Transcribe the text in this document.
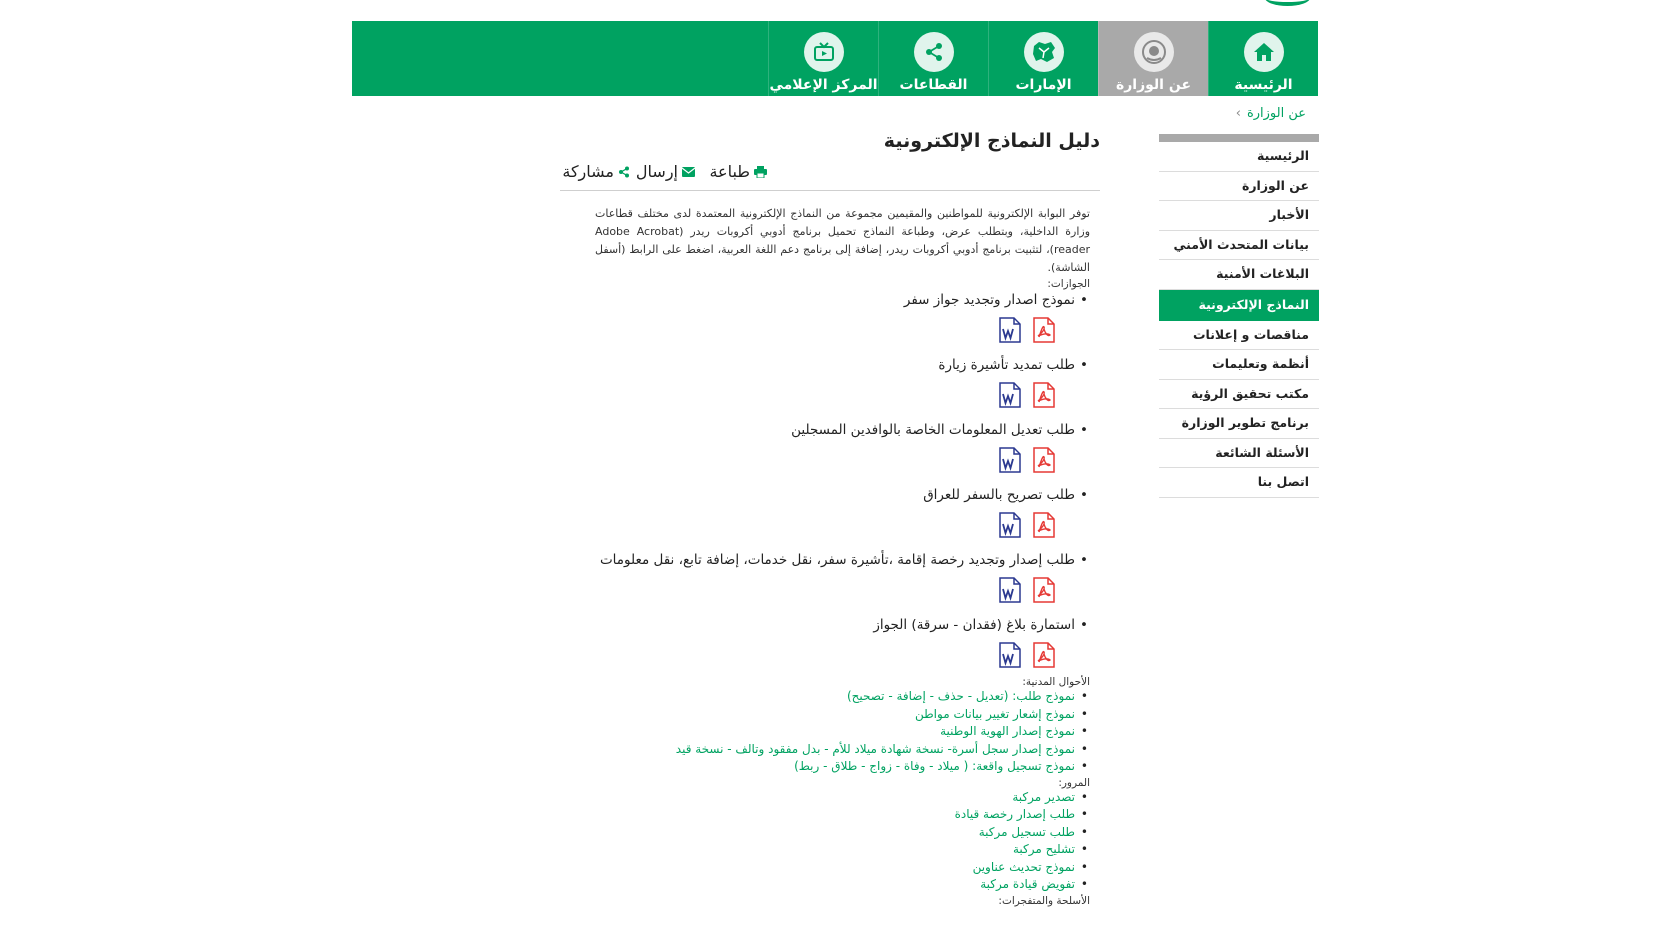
الرئيسية
عن الوزارة
الإمارات
القطاعات
المركز الإعلامي
عن الوزارة
›
الرئيسية
عن الوزارة
الأخبار
بيانات المتحدث الأمني
البلاغات الأمنية
النماذج الإلكترونية
مناقصات و إعلانات
أنظمة وتعليمات
مكتب تحقيق الرؤية
برنامج تطوير الوزارة
الأسئلة الشائعة
اتصل بنا
دليل النماذج الإلكترونية
طباعة
إرسال
مشاركة
توفر البوابة الإلكترونية للمواطنين والمقيمين مجموعة من النماذج الإلكترونية المعتمدة لدى مختلف قطاعات وزارة الداخلية، وبتطلب عرض، وطباعة النماذج تحميل برنامج أدوبي أكروبات ريدر (Adobe Acrobat reader)، لتثبيت برنامج أدوبي أكروبات ريدر، إضافة إلى برنامج دعم اللغة العربية، اضغط على الرابط (أسفل الشاشة).
الجوازات:
• نموذج اصدار وتجديد جواز سفر
• طلب تمديد تأشيرة زيارة
• طلب تعديل المعلومات الخاصة بالوافدين المسجلين
• طلب تصريح بالسفر للعراق
• طلب إصدار وتجديد رخصة إقامة ،تأشيرة سفر، نقل خدمات، إضافة تابع، نقل معلومات
• استمارة بلاغ (فقدان - سرقة) الجواز
الأحوال المدنية:
• نموذج طلب: (تعديل - حذف - إضافة - تصحيح)
• نموذج إشعار تغيير بيانات مواطن
• نموذج إصدار الهوية الوطنية
• نموذج إصدار سجل أسرة- نسخة شهادة ميلاد للأم - بدل مفقود وتالف - نسخة قيد
• نموذج تسجيل واقعة: ( ميلاد - وفاة - زواج - طلاق - ربط)
المرور:
• تصدير مركبة
• طلب إصدار رخصة قيادة
• طلب تسجيل مركبة
• تشليح مركبة
• نموذج تحديث عناوين
• تفويض قيادة مركبة
الأسلحة والمتفجرات:
